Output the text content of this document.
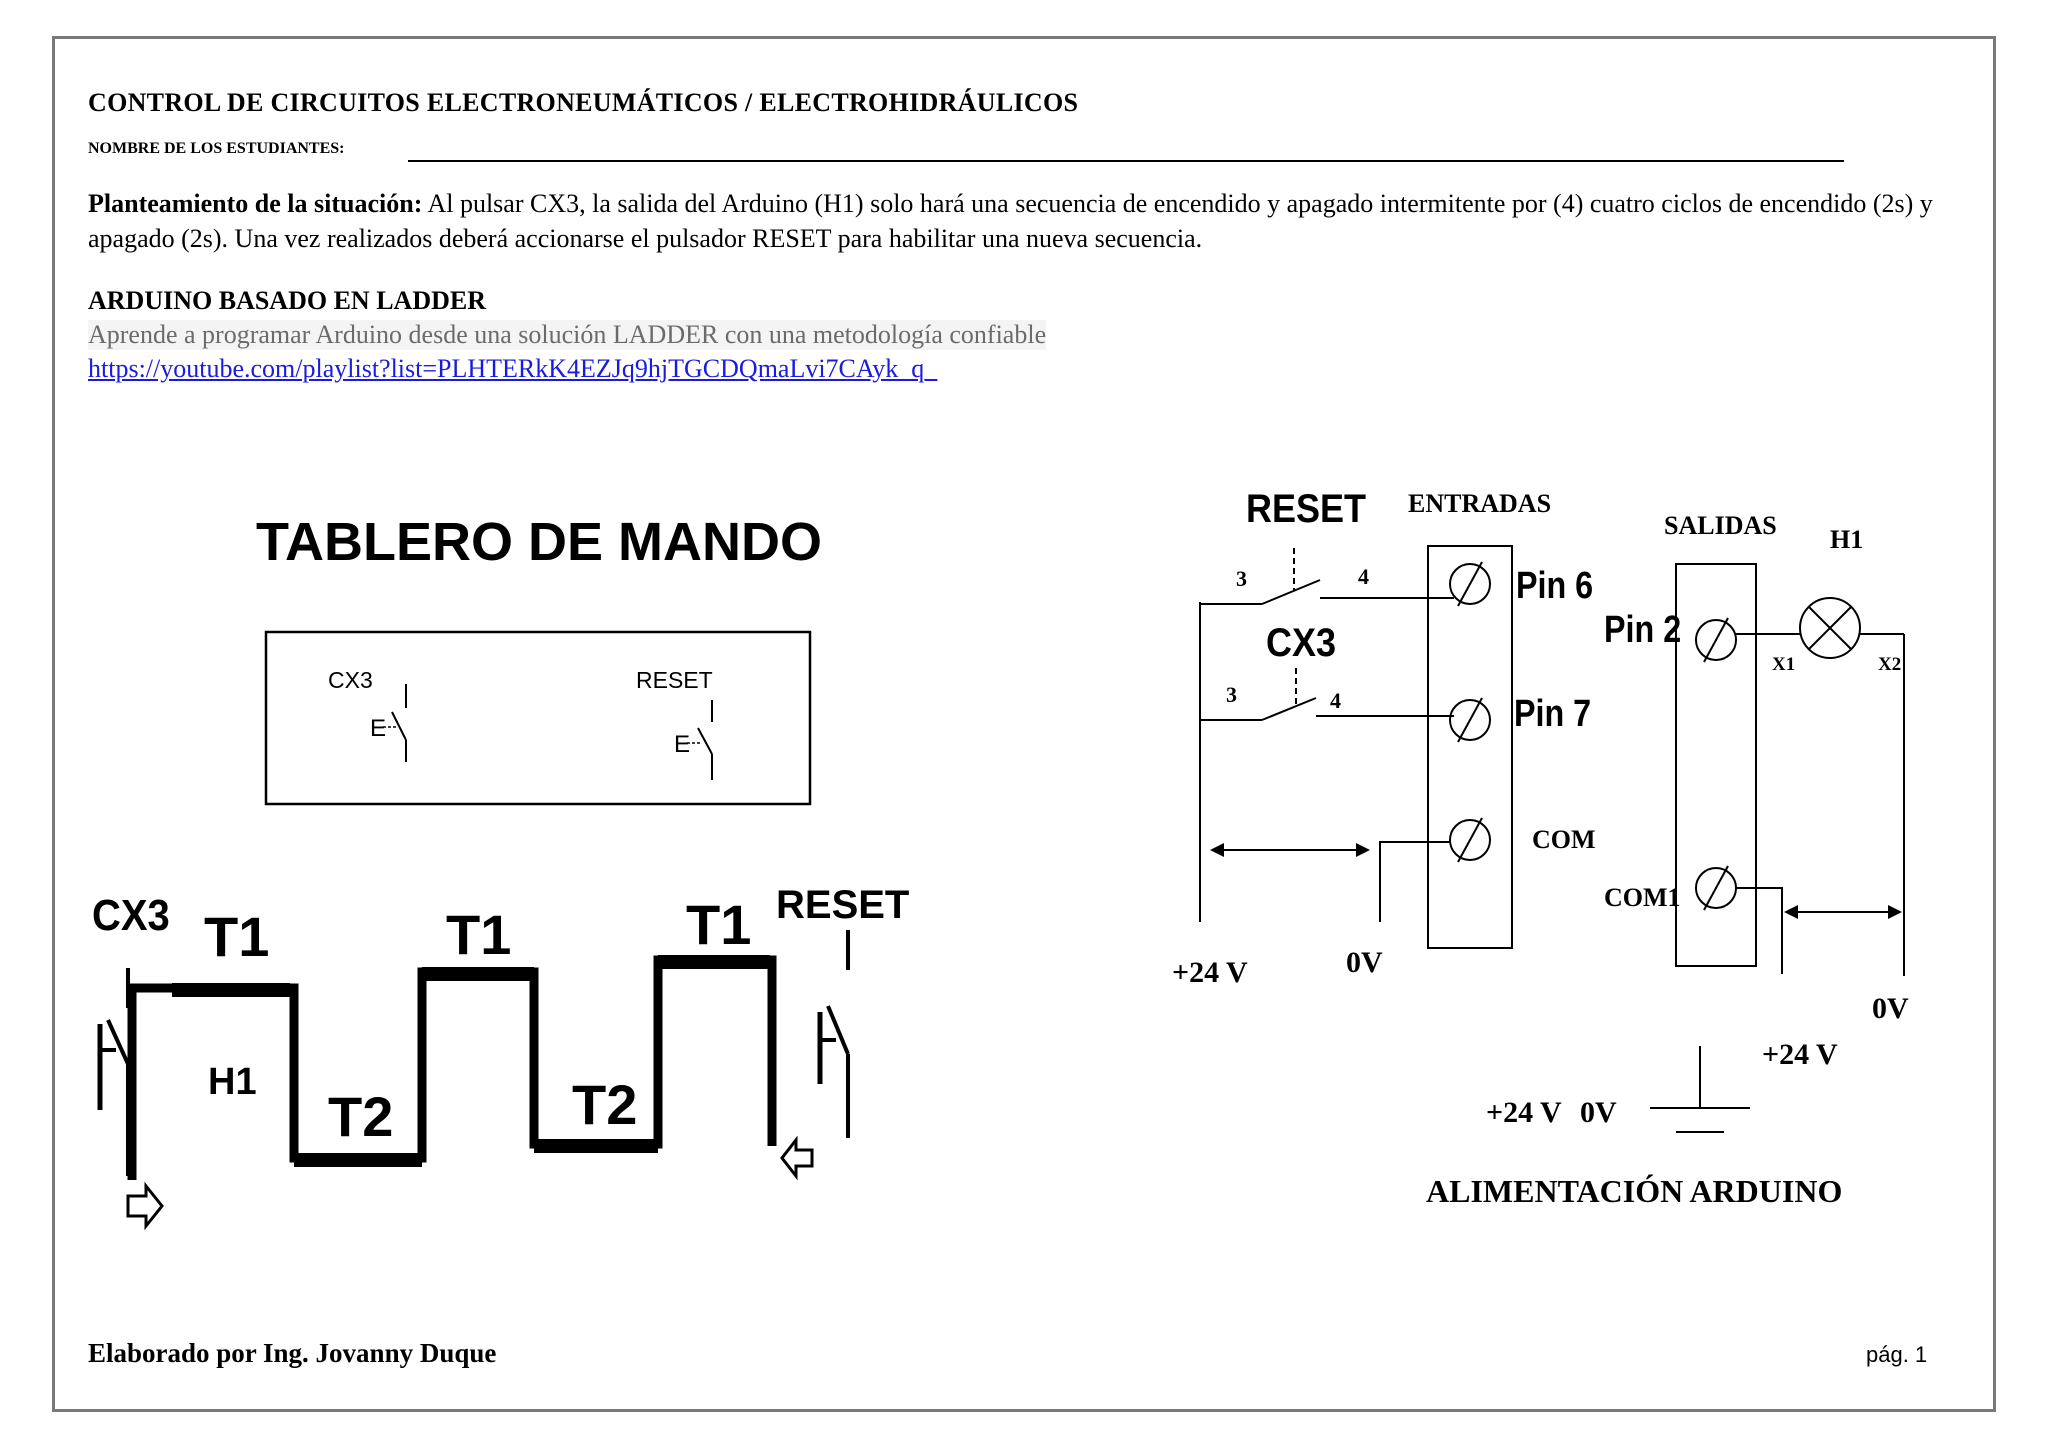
CONTROL DE CIRCUITOS ELECTRONEUMÁTICOS / ELECTROHIDRÁULICOS
NOMBRE DE LOS ESTUDIANTES:
Planteamiento de la situación: Al pulsar CX3, la salida del Arduino (H1) solo hará una secuencia de encendido y apagado intermitente por (4) cuatro ciclos de encendido (2s) y apagado (2s). Una vez realizados deberá accionarse el pulsador RESET para habilitar una nueva secuencia.
ARDUINO BASADO EN LADDER
Aprende a programar Arduino desde una solución LADDER con una metodología confiable
https://youtube.com/playlist?list=PLHTERkK4EZJq9hjTGCDQmaLvi7CAyk_q_
TABLERO DE MANDO
CX3
E
RESET
E
CX3 T1	T1	T1
T2	T2
H1
RESET
RESET ENTRADAS
SALIDAS H1
3	4
CX3
3	4
Pin 6
Pin 7
COM
+24 V	0V
Pin 2
COM1
X1	X2
0V
+24 V
+24 V 0V
ALIMENTACIÓN ARDUINO
Elaborado por Ing. Jovanny Duque	pág. 1
